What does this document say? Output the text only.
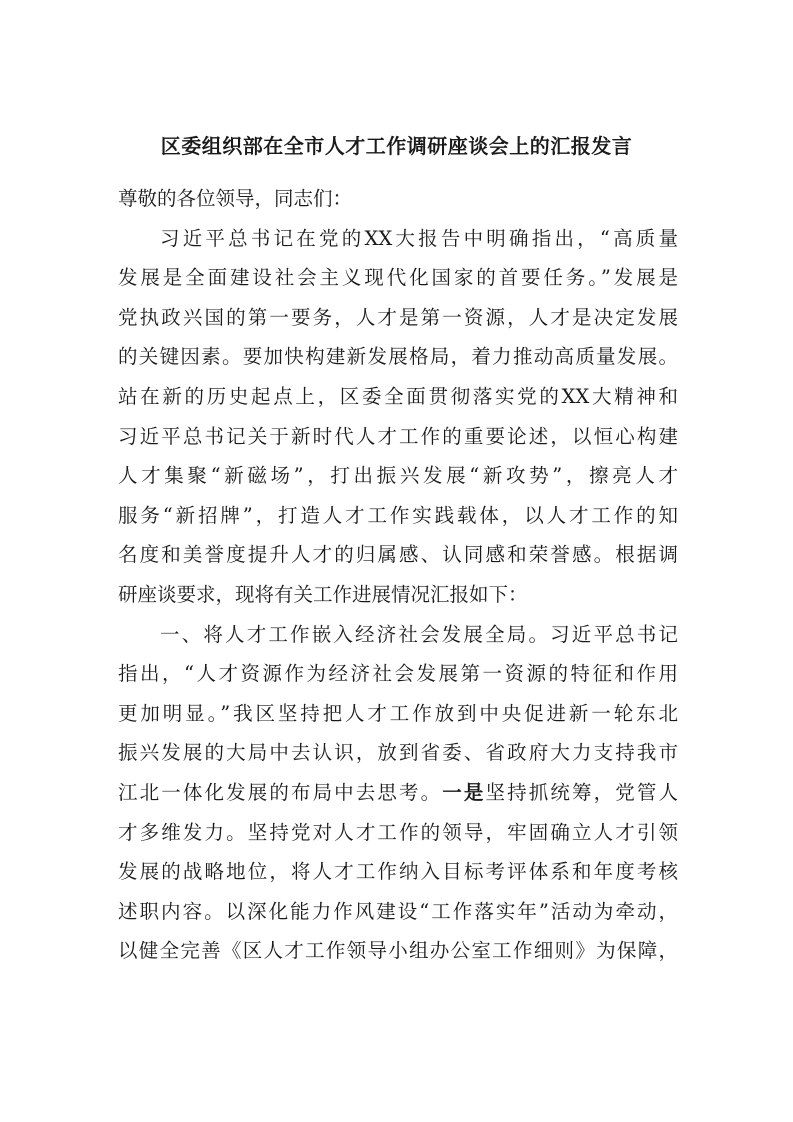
区委组织部在全市人才工作调研座谈会上的汇报发言
尊敬的各位领导，同志们：
习近平总书记在党的XX大报告中明确指出，“高质量
发展是全面建设社会主义现代化国家的首要任务。”发展是
党执政兴国的第一要务，人才是第一资源，人才是决定发展
的关键因素。要加快构建新发展格局，着力推动高质量发展。
站在新的历史起点上，区委全面贯彻落实党的XX大精神和
习近平总书记关于新时代人才工作的重要论述，以恒心构建
人才集聚“新磁场”，打出振兴发展“新攻势”，擦亮人才
服务“新招牌”，打造人才工作实践载体，以人才工作的知
名度和美誉度提升人才的归属感、认同感和荣誉感。根据调
研座谈要求，现将有关工作进展情况汇报如下：
一、将人才工作嵌入经济社会发展全局。习近平总书记
指出，“人才资源作为经济社会发展第一资源的特征和作用
更加明显。”我区坚持把人才工作放到中央促进新一轮东北
振兴发展的大局中去认识，放到省委、省政府大力支持我市
江北一体化发展的布局中去思考。一是坚持抓统筹，党管人
才多维发力。坚持党对人才工作的领导，牢固确立人才引领
发展的战略地位，将人才工作纳入目标考评体系和年度考核
述职内容。以深化能力作风建设“工作落实年”活动为牵动，
以健全完善《区人才工作领导小组办公室工作细则》为保障，
